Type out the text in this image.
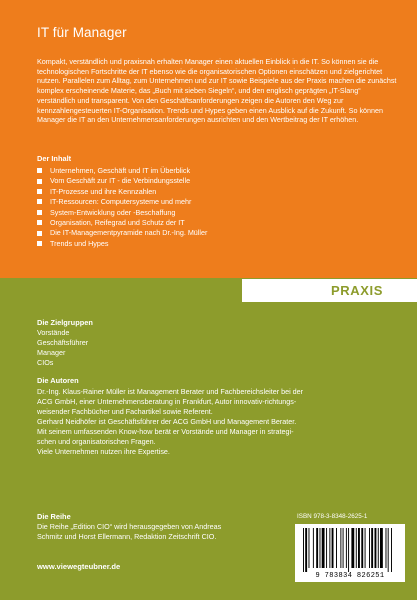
IT für Manager

Kompakt, verständlich und praxisnah erhalten Manager einen aktuellen Einblick in die IT. So können sie die technologischen Fortschritte der IT ebenso wie die organisatorischen Optionen einschätzen und zielgerichtet nutzen. Parallelen zum Alltag, zum Unternehmen und zur IT sowie Beispiele aus der Praxis machen die zunächst komplex erscheinende Materie, das „Buch mit sieben Siegeln“, und den englisch geprägten „IT-Slang“ verständlich und transparent. Von den Geschäftsanforderungen zeigen die Autoren den Weg zur kennzahlengesteuerten IT-Organisation. Trends und Hypes geben einen Ausblick auf die Zukunft. So können Manager die IT an den Unternehmensanforderungen ausrichten und den Wertbeitrag der IT erhöhen.

Der Inhalt
Unternehmen, Geschäft und IT im Überblick
Vom Geschäft zur IT - die Verbindungsstelle
IT-Prozesse und ihre Kennzahlen
IT-Ressourcen: Computersysteme und mehr
System-Entwicklung oder -Beschaffung
Organisation, Reifegrad und Schutz der IT
Die IT-Managementpyramide nach Dr.-Ing. Müller
Trends und Hypes
PRAXIS
Die Zielgruppen
Vorstände
Geschäftsführer
Manager
CIOs
Die Autoren
Dr.-Ing. Klaus-Rainer Müller ist Management Berater und Fachbereichsleiter bei der
ACG GmbH, einer Unternehmensberatung in Frankfurt, Autor innovativ-richtungs-
weisender Fachbücher und Fachartikel sowie Referent.
Gerhard Neidhöfer ist Geschäftsführer der ACG GmbH und Management Berater.
Mit seinem umfassenden Know-how berät er Vorstände und Manager in strategi-
schen und organisatorischen Fragen.
Viele Unternehmen nutzen ihre Expertise.
Die Reihe
Die Reihe „Edition CIO“ wird herausgegeben von Andreas
Schmitz und Horst Ellermann, Redaktion Zeitschrift CIO.
www.viewegteubner.de
ISBN 978-3-8348-2625-1
9 783834 826251
